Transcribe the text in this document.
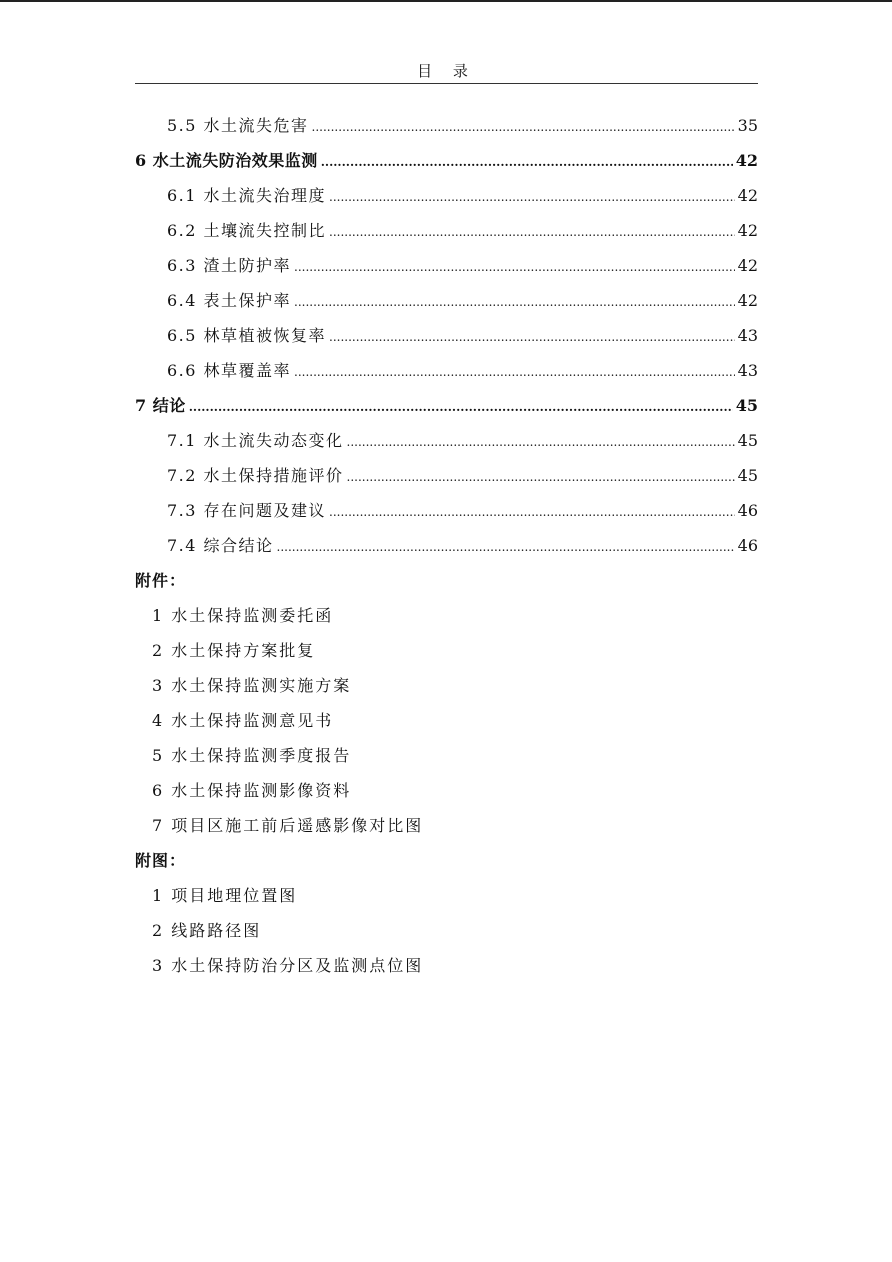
目 录
5.5 水土流失危害 .....	35
6 水土流失防治效果监测 .....	42
6.1 水土流失治理度 .....	42
6.2 土壤流失控制比 .....	42
6.3 渣土防护率 .....	42
6.4 表土保护率 .....	42
6.5 林草植被恢复率 .....	43
6.6 林草覆盖率 .....	43
7 结论 .....	45
7.1 水土流失动态变化 .....	45
7.2 水土保持措施评价 .....	45
7.3 存在问题及建议 .....	46
7.4 综合结论 .....	46
附件：
1 水土保持监测委托函
2 水土保持方案批复
3 水土保持监测实施方案
4 水土保持监测意见书
5 水土保持监测季度报告
6 水土保持监测影像资料
7 项目区施工前后遥感影像对比图
附图：
1 项目地理位置图
2 线路路径图
3 水土保持防治分区及监测点位图
